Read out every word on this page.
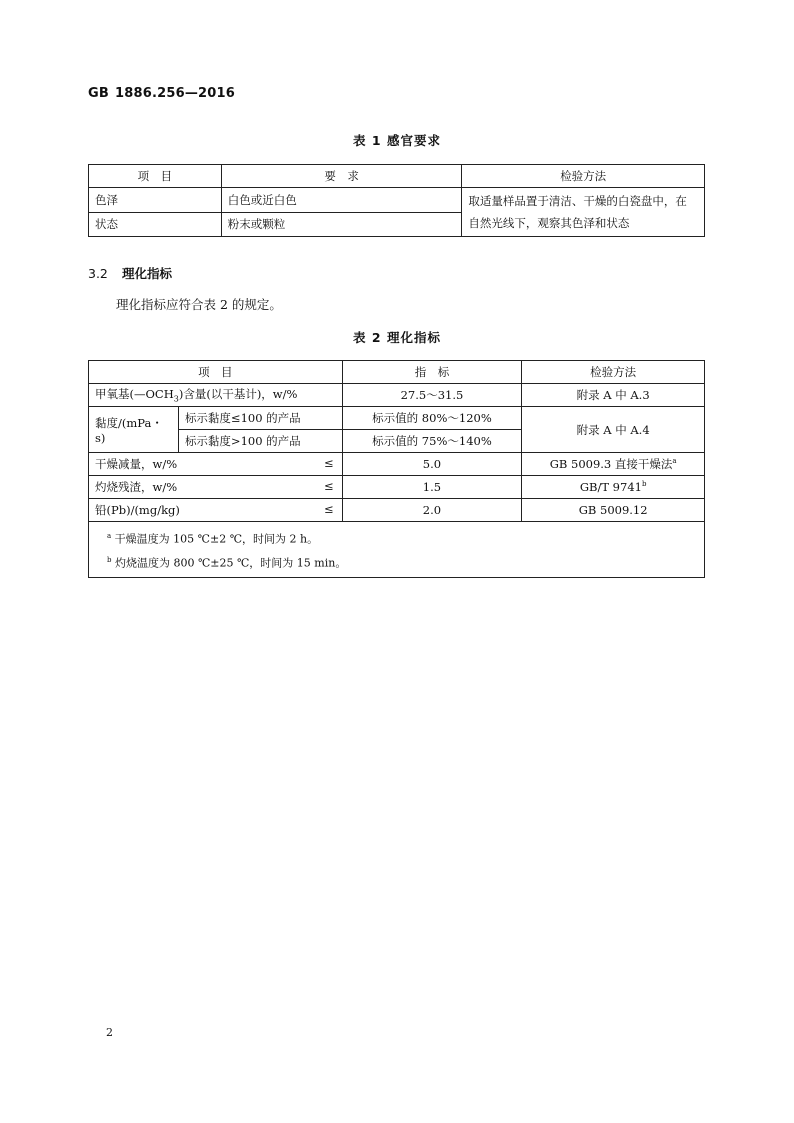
GB 1886.256—2016
表 1 感官要求
项　目	要　求	检验方法
色泽	白色或近白色	取适量样品置于清洁、干燥的白瓷盘中，在自然光线下，观察其色泽和状态
状态	粉末或颗粒	
3.2 理化指标
理化指标应符合表 2 的规定。
表 2 理化指标
项　目		指　标	检验方法
甲氧基$(—OCH_3)$含量(以干基计)，w/%		27.5～31.5	附录 A 中 A.3
黏度/(mPa・s)	标示黏度≤100 的产品	标示值的 80%～120%	附录 A 中 A.4
	标示黏度>100 的产品	标示值的 75%～140%	
干燥减量，w/% ≤		5.0	GB 5009.3 直接干燥法$^a$
灼烧残渣，w/% ≤		1.5	GB/T 9741$^b$
铅(Pb)/(mg/kg) ≤		2.0	GB 5009.12

$^a$ 干燥温度为 105 ℃±2 ℃，时间为 2 h。
$^b$ 灼烧温度为 800 ℃±25 ℃，时间为 15 min。			
2
